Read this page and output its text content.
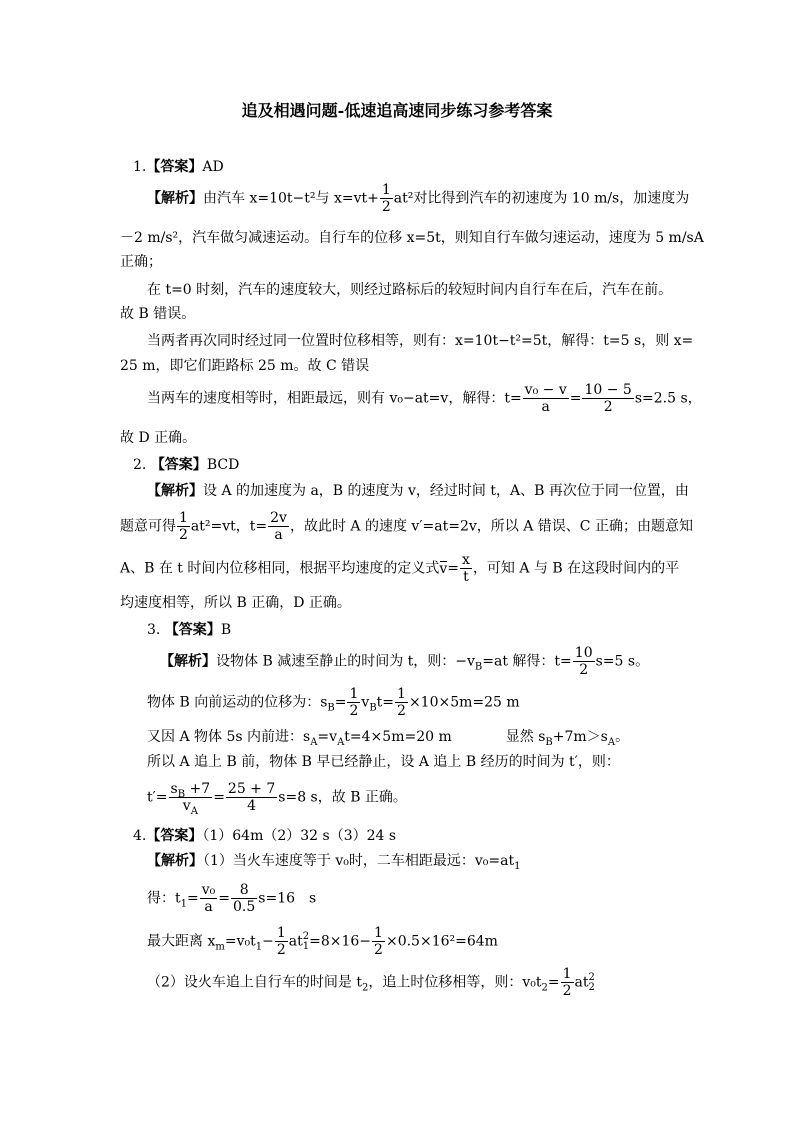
追及相遇问题-低速追高速同步练习参考答案
1.【答案】AD
【解析】由汽车 x=10t−t²与 $x=vt+ \frac{1}{2} at^2$对比得到汽车的初速度为 10 m/s，加速度为
－2 m/s²，汽车做匀减速运动。自行车的位移 x=5t，则知自行车做匀速运动，速度为 5 m/sA
正确；
在 t=0 时刻，汽车的速度较大，则经过路标后的较短时间内自行车在后，汽车在前。
故 B 错误。
当两者再次同时经过同一位置时位移相等，则有：x=10t−t²=5t，解得：t=5 s，则 x=
25 m，即它们距路标 25 m。故 C 错误
当两车的速度相等时，相距最远，则有 v₀−at=v，解得：$t= \frac{\text{v₀ − v}}{a} = \frac{10 - 5}{2} s=2.5$ s，
故 D 正确。
2. 【答案】BCD
【解析】设 A 的加速度为 a，B 的速度为 v，经过时间 t，A、B 再次位于同一位置，由
题意可得 $\frac{1}{2} at^2=vt$，$t= \frac{2v}{a}$ ，故此时 A 的速度 v′=at=2v，所以 A 错误、C 正确；由题意知
A、B 在 t 时间内位移相同，根据平均速度的定义式$v= \frac{x}{t}$ ，可知 A 与 B 在这段时间内的平
均速度相等，所以 B 正确，D 正确。
3. 【答案】B
【解析】设物体 B 减速至静止的时间为 t，则：$-v_B=at$ 解得：$t= \frac{10}{2} s=5$ s。
物体 B 向前运动的位移为：$s_B= \frac{1}{2} v_Bt= \frac{1}{2} \times 10\times 5m=25$ m
又因 A 物体 5s 内前进：$s_A=v_At=4\times 5m=20$ m	显然 $s_B+7m>s_A$。
所以 A 追上 B 前，物体 B 早已经静止，设 A 追上 B 经历的时间为 t′，则：
$t'= \frac{s_B +7}{v_A} = \frac{25 + 7}{4} s=8$ s，故 B 正确。
4.【答案】（1）64m（2）32 s（3）24 s
【解析】（1）当火车速度等于 v₀时，二车相距最远：$v_0=at_1$
得：$t_1= \frac{\text{v₀}}{a} = \frac{8}{0.5} s=16$　s
最大距离 $x_m=v_0t_1- \frac{1}{2}$ at 2
$1 =8\times 16- \frac{1}{2} \times 0.5\times 16^2=64m$
（2）设火车追上自行车的时间是 $t_2$，追上时位移相等，则：$v_0t_2= \frac{1}{2}$ at 2
2
